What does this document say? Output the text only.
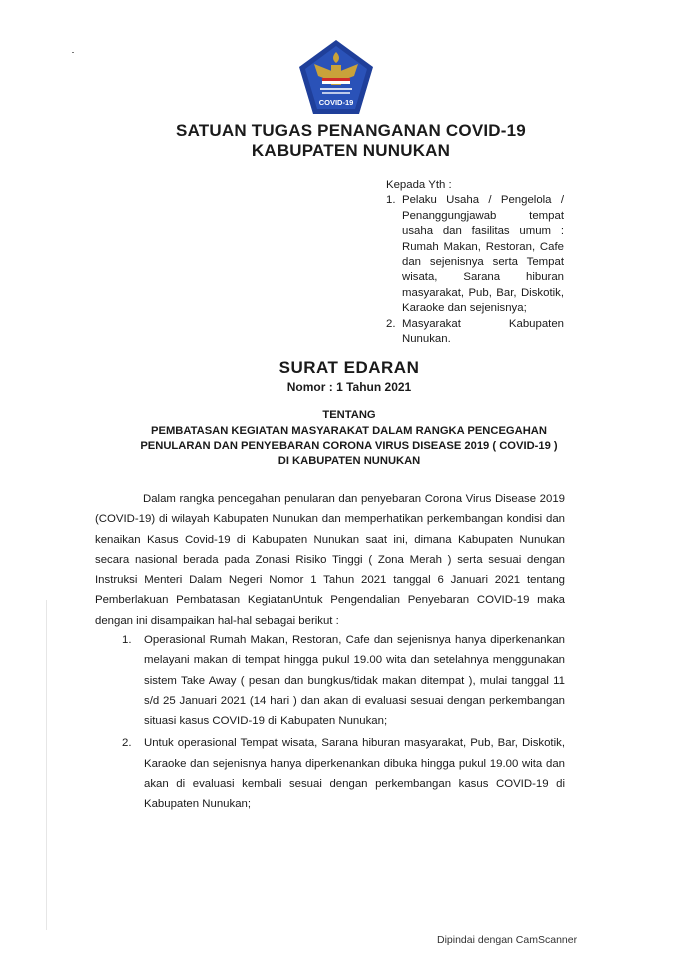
COVID-19
SATUAN TUGAS PENANGANAN COVID-19
KABUPATEN NUNUKAN
Kepada Yth :
1. Pelaku Usaha / Pengelola / Penanggungjawab tempat usaha dan fasilitas umum : Rumah Makan, Restoran, Cafe dan sejenisnya serta Tempat wisata, Sarana hiburan masyarakat, Pub, Bar, Diskotik, Karaoke dan sejenisnya;
2. Masyarakat Kabupaten Nunukan.
SURAT EDARAN
Nomor : 1 Tahun 2021
TENTANG
PEMBATASAN KEGIATAN MASYARAKAT DALAM RANGKA PENCEGAHAN
PENULARAN DAN PENYEBARAN CORONA VIRUS DISEASE 2019 ( COVID-19 )
DI KABUPATEN NUNUKAN
Dalam rangka pencegahan penularan dan penyebaran Corona Virus Disease 2019 (COVID-19) di wilayah Kabupaten Nunukan dan memperhatikan perkembangan kondisi dan kenaikan Kasus Covid-19 di Kabupaten Nunukan saat ini, dimana Kabupaten Nunukan secara nasional berada pada Zonasi Risiko Tinggi ( Zona Merah ) serta sesuai dengan Instruksi Menteri Dalam Negeri Nomor 1 Tahun 2021 tanggal 6 Januari 2021 tentang Pemberlakuan Pembatasan KegiatanUntuk Pengendalian Penyebaran COVID-19 maka dengan ini disampaikan hal-hal sebagai berikut :
1.	Operasional Rumah Makan, Restoran, Cafe dan sejenisnya hanya diperkenankan melayani makan di tempat hingga pukul 19.00 wita dan setelahnya menggunakan sistem Take Away ( pesan dan bungkus/tidak makan ditempat ), mulai tanggal 11 s/d 25 Januari 2021 (14 hari ) dan akan di evaluasi sesuai dengan perkembangan situasi kasus COVID-19 di Kabupaten Nunukan;
2.	Untuk operasional Tempat wisata, Sarana hiburan masyarakat, Pub, Bar, Diskotik, Karaoke dan sejenisnya hanya diperkenankan dibuka hingga pukul 19.00 wita dan akan di evaluasi kembali sesuai dengan perkembangan kasus COVID-19 di Kabupaten Nunukan;
Dipindai dengan CamScanner
